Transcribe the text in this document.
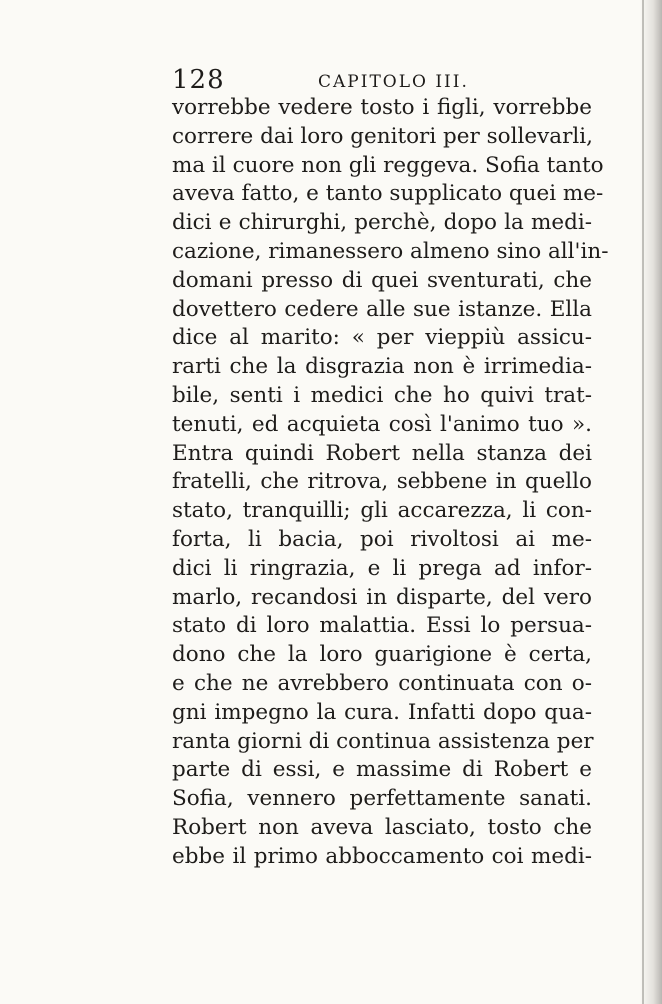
128	CAPITOLO III.
vorrebbe vedere tosto i figli, vorrebbe
correre dai loro genitori per sollevarli,
ma il cuore non gli reggeva. Sofia tanto
aveva fatto, e tanto supplicato quei me-
dici e chirurghi, perchè, dopo la medi-
cazione, rimanessero almeno sino all'in-
domani presso di quei sventurati, che
dovettero cedere alle sue istanze. Ella
dice al marito: « per vieppiù assicu-
rarti che la disgrazia non è irrimedia-
bile, senti i medici che ho quivi trat-
tenuti, ed acquieta così l'animo tuo ».
Entra quindi Robert nella stanza dei
fratelli, che ritrova, sebbene in quello
stato, tranquilli; gli accarezza, li con-
forta, li bacia, poi rivoltosi ai me-
dici li ringrazia, e li prega ad infor-
marlo, recandosi in disparte, del vero
stato di loro malattia. Essi lo persua-
dono che la loro guarigione è certa,
e che ne avrebbero continuata con o-
gni impegno la cura. Infatti dopo qua-
ranta giorni di continua assistenza per
parte di essi, e massime di Robert e
Sofia, vennero perfettamente sanati.
Robert non aveva lasciato, tosto che
ebbe il primo abboccamento coi medi-
